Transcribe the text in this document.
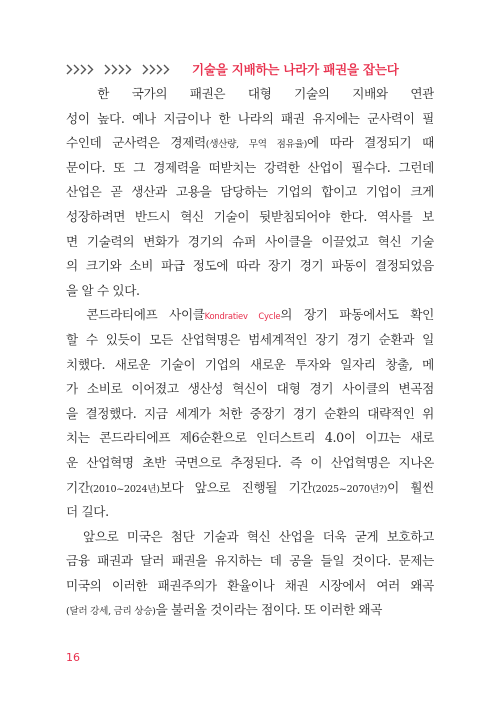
기술을 지배하는 나라가 패권을 잡는다
　한 국가의 패권은 대형 기술의 지배와 연관
성이 높다. 예나 지금이나 한 나라의 패권 유지에는 군사력이 필
수인데 군사력은 경제력(생산량, 무역 점유율)에 따라 결정되기 때
문이다. 또 그 경제력을 떠받치는 강력한 산업이 필수다. 그런데
산업은 곧 생산과 고용을 담당하는 기업의 합이고 기업이 크게
성장하려면 반드시 혁신 기술이 뒷받침되어야 한다. 역사를 보
면 기술력의 변화가 경기의 슈퍼 사이클을 이끌었고 혁신 기술
의 크기와 소비 파급 정도에 따라 장기 경기 파동이 결정되었음
을 알 수 있다.
　콘드라티에프 사이클Kondratiev Cycle의 장기 파동에서도 확인
할 수 있듯이 모든 산업혁명은 범세계적인 장기 경기 순환과 일
치했다. 새로운 기술이 기업의 새로운 투자와 일자리 창출, 메
가 소비로 이어졌고 생산성 혁신이 대형 경기 사이클의 변곡점
을 결정했다. 지금 세계가 처한 중장기 경기 순환의 대략적인 위
치는 콘드라티에프 제6순환으로 인더스트리 4.0이 이끄는 새로
운 산업혁명 초반 국면으로 추정된다. 즉 이 산업혁명은 지나온
기간(2010~2024년)보다 앞으로 진행될 기간(2025~2070년?)이 훨씬
더 길다.
　앞으로 미국은 첨단 기술과 혁신 산업을 더욱 굳게 보호하고
금융 패권과 달러 패권을 유지하는 데 공을 들일 것이다. 문제는
미국의 이러한 패권주의가 환율이나 채권 시장에서 여러 왜곡
(달러 강세, 금리 상승)을 불러올 것이라는 점이다. 또 이러한 왜곡
16
